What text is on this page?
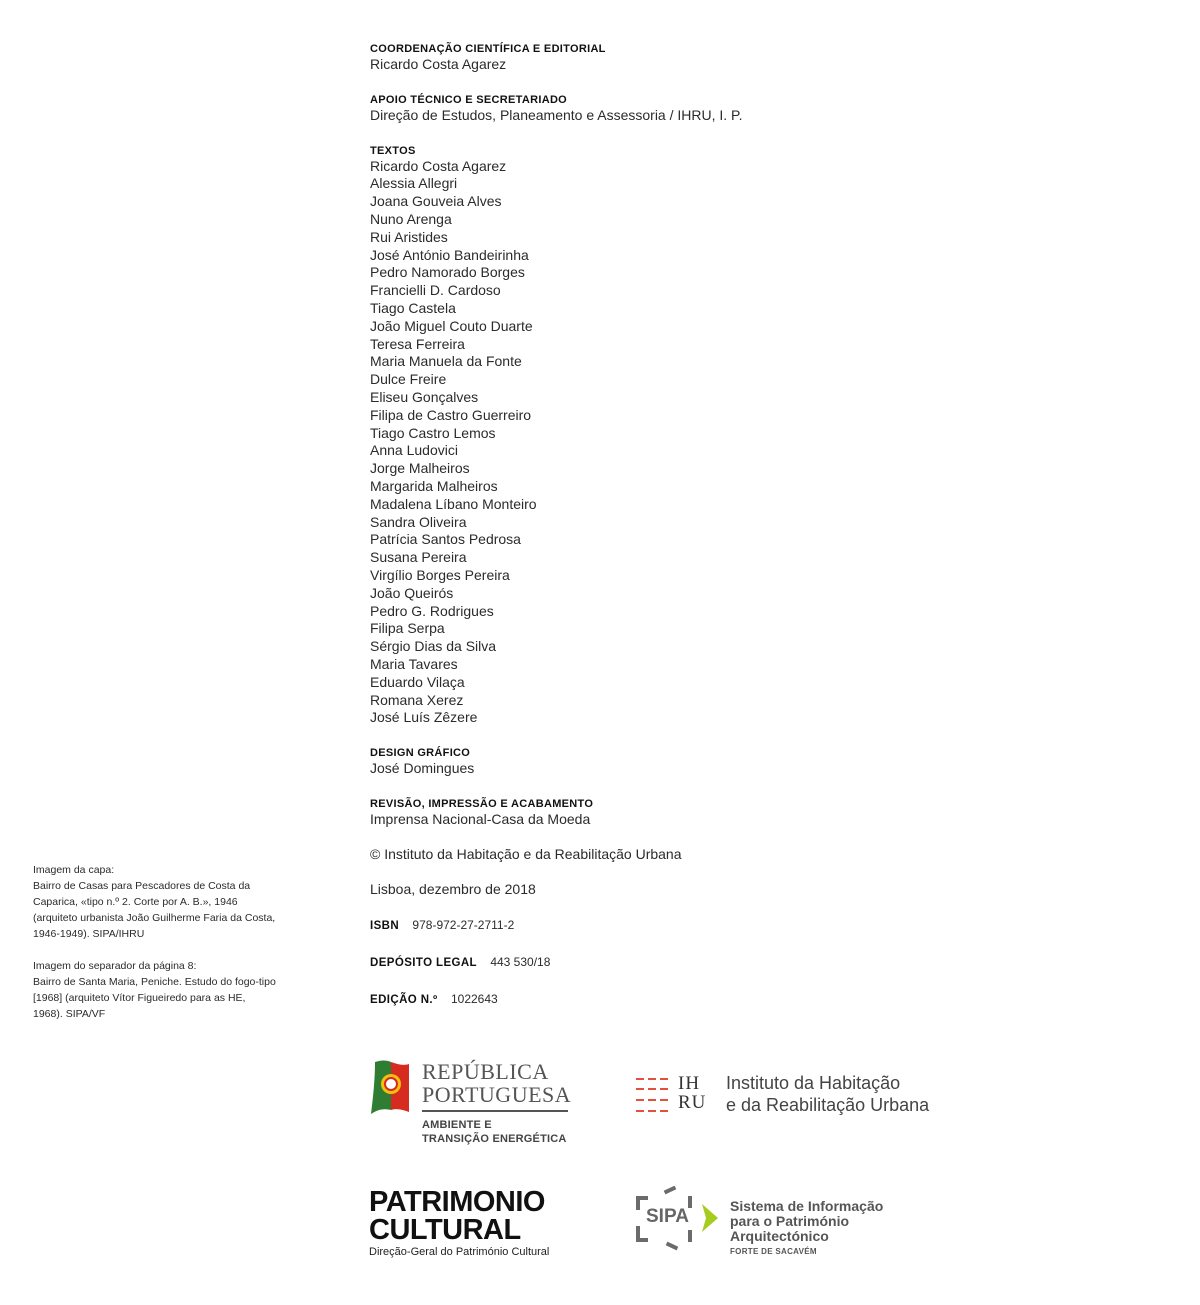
COORDENAÇÃO CIENTÍFICA E EDITORIAL
Ricardo Costa Agarez
APOIO TÉCNICO E SECRETARIADO
Direção de Estudos, Planeamento e Assessoria / IHRU, I. P.
TEXTOS
Ricardo Costa Agarez
Alessia Allegri
Joana Gouveia Alves
Nuno Arenga
Rui Aristides
José António Bandeirinha
Pedro Namorado Borges
Francielli D. Cardoso
Tiago Castela
João Miguel Couto Duarte
Teresa Ferreira
Maria Manuela da Fonte
Dulce Freire
Eliseu Gonçalves
Filipa de Castro Guerreiro
Tiago Castro Lemos
Anna Ludovici
Jorge Malheiros
Margarida Malheiros
Madalena Líbano Monteiro
Sandra Oliveira
Patrícia Santos Pedrosa
Susana Pereira
Virgílio Borges Pereira
João Queirós
Pedro G. Rodrigues
Filipa Serpa
Sérgio Dias da Silva
Maria Tavares
Eduardo Vilaça
Romana Xerez
José Luís Zêzere
DESIGN GRÁFICO
José Domingues
REVISÃO, IMPRESSÃO E ACABAMENTO
Imprensa Nacional-Casa da Moeda
© Instituto da Habitação e da Reabilitação Urbana
Lisboa, dezembro de 2018
ISBN 978-972-27-2711-2
DEPÓSITO LEGAL 443 530/18
EDIÇÃO N.º 1022643

Imagem da capa:
Bairro de Casas para Pescadores de Costa da Caparica, «tipo n.º 2. Corte por A. B.», 1946 (arquiteto urbanista João Guilherme Faria da Costa, 1946-1949). SIPA/IHRU

Imagem do separador da página 8:
Bairro de Santa Maria, Peniche. Estudo do fogo-tipo [1968] (arquiteto Vítor Figueiredo para as HE, 1968). SIPA/VF

REPÚBLICA
PORTUGUESA
AMBIENTE E
TRANSIÇÃO ENERGÉTICA
IH
RU
Instituto da Habitação
e da Reabilitação Urbana
PATRIMONIO
CULTURAL
Direção-Geral do Património Cultural
SIPA	Sistema de Informação
para o Património Arquitectónico
FORTE DE SACAVÉM
